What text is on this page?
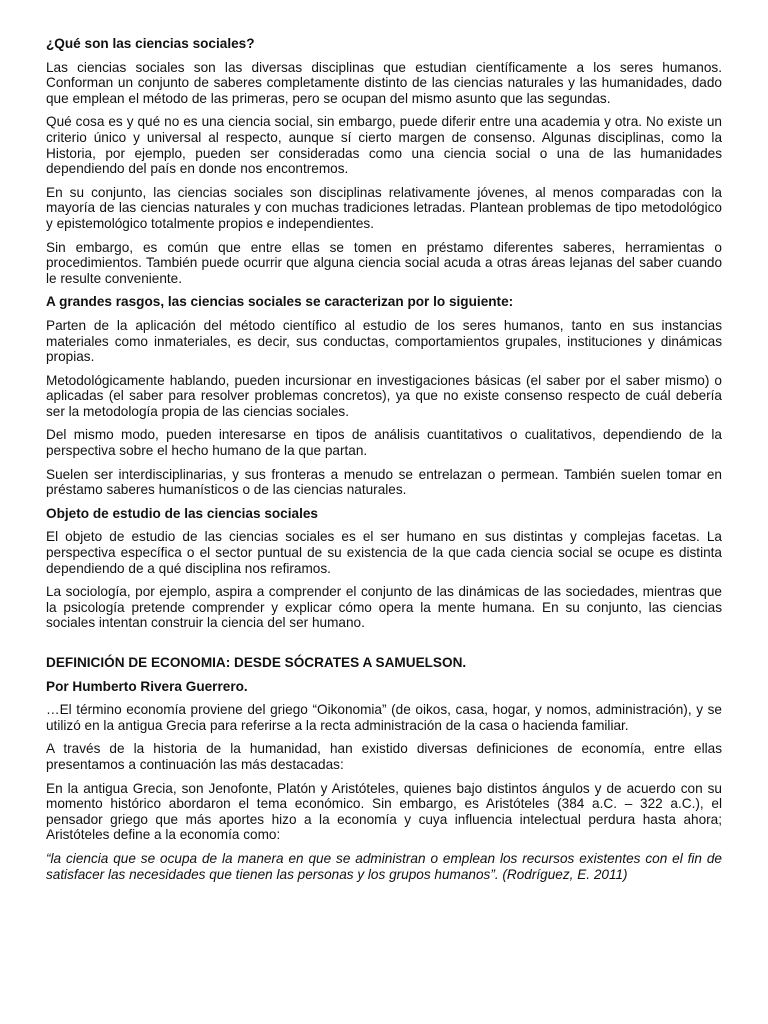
¿Qué son las ciencias sociales?

Las ciencias sociales son las diversas disciplinas que estudian científicamente a los seres humanos. Conforman un conjunto de saberes completamente distinto de las ciencias naturales y las humanidades, dado que emplean el método de las primeras, pero se ocupan del mismo asunto que las segundas.

Qué cosa es y qué no es una ciencia social, sin embargo, puede diferir entre una academia y otra. No existe un criterio único y universal al respecto, aunque sí cierto margen de consenso. Algunas disciplinas, como la Historia, por ejemplo, pueden ser consideradas como una ciencia social o una de las humanidades dependiendo del país en donde nos encontremos.

En su conjunto, las ciencias sociales son disciplinas relativamente jóvenes, al menos comparadas con la mayoría de las ciencias naturales y con muchas tradiciones letradas. Plantean problemas de tipo metodológico y epistemológico totalmente propios e independientes.

Sin embargo, es común que entre ellas se tomen en préstamo diferentes saberes, herramientas o procedimientos. También puede ocurrir que alguna ciencia social acuda a otras áreas lejanas del saber cuando le resulte conveniente.

A grandes rasgos, las ciencias sociales se caracterizan por lo siguiente:

Parten de la aplicación del método científico al estudio de los seres humanos, tanto en sus instancias materiales como inmateriales, es decir, sus conductas, comportamientos grupales, instituciones y dinámicas propias.

Metodológicamente hablando, pueden incursionar en investigaciones básicas (el saber por el saber mismo) o aplicadas (el saber para resolver problemas concretos), ya que no existe consenso respecto de cuál debería ser la metodología propia de las ciencias sociales.

Del mismo modo, pueden interesarse en tipos de análisis cuantitativos o cualitativos, dependiendo de la perspectiva sobre el hecho humano de la que partan.

Suelen ser interdisciplinarias, y sus fronteras a menudo se entrelazan o permean. También suelen tomar en préstamo saberes humanísticos o de las ciencias naturales.

Objeto de estudio de las ciencias sociales

El objeto de estudio de las ciencias sociales es el ser humano en sus distintas y complejas facetas. La perspectiva específica o el sector puntual de su existencia de la que cada ciencia social se ocupe es distinta dependiendo de a qué disciplina nos refiramos.

La sociología, por ejemplo, aspira a comprender el conjunto de las dinámicas de las sociedades, mientras que la psicología pretende comprender y explicar cómo opera la mente humana. En su conjunto, las ciencias sociales intentan construir la ciencia del ser humano.

DEFINICIÓN DE ECONOMIA: DESDE SÓCRATES A SAMUELSON.
Por Humberto Rivera Guerrero.

…El término economía proviene del griego “Oikonomia” (de oikos, casa, hogar, y nomos, administración), y se utilizó en la antigua Grecia para referirse a la recta administración de la casa o hacienda familiar.

A través de la historia de la humanidad, han existido diversas definiciones de economía, entre ellas presentamos a continuación las más destacadas:

En la antigua Grecia, son Jenofonte, Platón y Aristóteles, quienes bajo distintos ángulos y de acuerdo con su momento histórico abordaron el tema económico. Sin embargo, es Aristóteles (384 a.C. – 322 a.C.), el pensador griego que más aportes hizo a la economía y cuya influencia intelectual perdura hasta ahora; Aristóteles define a la economía como:

“la ciencia que se ocupa de la manera en que se administran o emplean los recursos existentes con el fin de satisfacer las necesidades que tienen las personas y los grupos humanos”. (Rodríguez, E. 2011)
